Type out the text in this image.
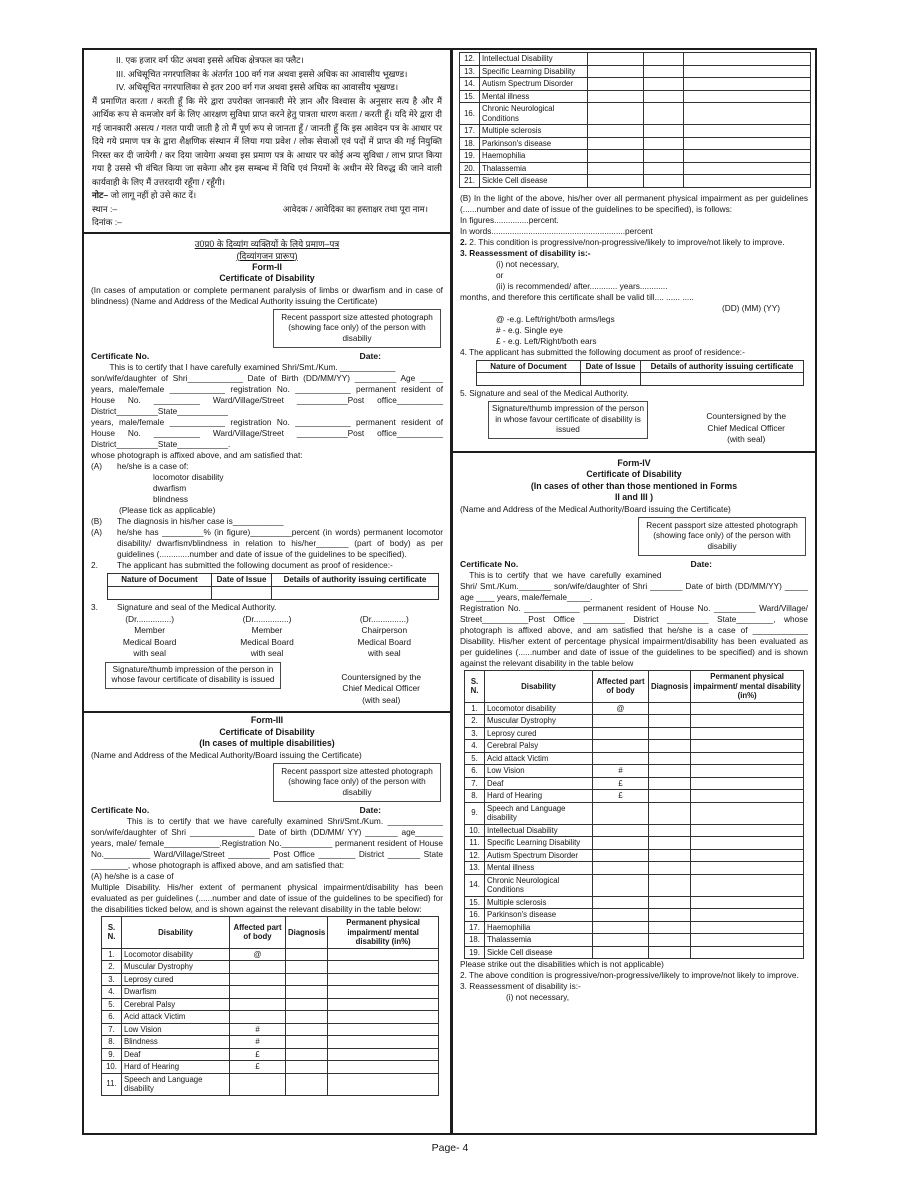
II. एक हजार वर्ग फीट अथवा इससे अधिक क्षेत्रफल का फ्लैट।
III. अधिसूचित नगरपालिका के अंतर्गत 100 वर्ग गज अथवा इससे अधिक का आवासीय भूखण्ड।
IV. अधिसूचित नगरपालिका से इतर 200 वर्ग गज अथवा इससे अधिक का आवासीय भूखण्ड।
मैं प्रमाणित करता / करती हूँ कि मेरे द्वारा उपरोक्त जानकारी मेरे ज्ञान और विश्वास के अनुसार सत्य है और मैं आर्थिक रूप से कमजोर वर्ग के लिए आरक्षण सुविधा प्राप्त करने हेतु पात्रता धारण करता / करती हूँ। यदि मेरे द्वारा दी गई जानकारी असत्य / गलत पायी जाती है तो मैं पूर्ण रूप से जानता हूँ / जानती हूँ कि इस आवेदन पत्र के आधार पर दिये गये प्रमाण पत्र के द्वारा शैक्षणिक संस्थान में लिया गया प्रवेश / लोक सेवाओं एवं पदों में प्राप्त की गई नियुक्ति निरस्त कर दी जायेगी / कर दिया जायेगा अथवा इस प्रमाण पत्र के आधार पर कोई अन्य सुविधा / लाभ प्राप्त किया गया है उससे भी वंचित किया जा सकेगा और इस सम्बन्ध में विधि एवं नियमों के अधीन मेरे विरुद्ध की जाने वाली कार्यवाही के लिए मैं उत्तरदायी रहूँगा / रहूँगी।
नोट– जो लागू नहीं हो उसे काट दें।
स्थान :–	आवेदक / आवेदिका का हस्ताक्षर तथा पूरा नाम।
दिनांक :–
उ0प्र0 के दिव्यांग व्यक्तियों के लिये प्रमाण–पत्र
(दिव्यांगजन प्रारूप)
Form-II
Certificate of Disability
(In cases of amputation or complete permanent paralysis of limbs or dwarfism and in case of blindness) (Name and Address of the Medical Authority issuing the Certificate)
Recent passport size attested photograph (showing face only) of the person with disabiliy
Certificate No.	Date:
This is to certify that I have carefully examined Shri/Smt./Kum. ____________
son/wife/daughter of Shri____________ Date of Birth (DD/MM/YY) _________ Age _____ years, male/female ____________ registration No. ____________ permanent resident of House No. __________ Ward/Village/Street ___________Post office__________ District_________State___________
years, male/female ____________ registration No. ____________ permanent resident of House No. __________ Ward/Village/Street ___________Post office__________ District_________State___________.
whose photograph is affixed above, and am satisfied that:
(A)	he/she is a case of:
locomotor disability
dwarfism
blindness
(Please tick as applicable)
(B)	The diagnosis in his/her case is___________
(A)	he/she has _________% (in figure)_________percent (in words) permanent locomotor disability/ dwarfism/blindness in relation to his/her_______ (part of body) as per guidelines (.............number and date of issue of the guidelines to be specified).
2.	The applicant has submitted the following document as proof of residence:-
Nature of Document	Date of Issue	Details of authority issuing certificate

3.	Signature and seal of the Medical Authority.
(Dr...............)
Member
Medical Board
with seal
(Dr...............)
Member
Medical Board
with seal
(Dr...............)
Chairperson
Medical Board
with seal
Signature/thumb impression of the person in whose favour certificate of disability is issued	Countersigned by the
Chief Medical Officer
(with seal)
Form-III
Certificate of Disability
(In cases of multiple disabilities)
(Name and Address of the Medical Authority/Board issuing the Certificate)
Recent passport size attested photograph (showing face only) of the person with disabiliy
Certificate No.	Date:
This is to certify that we have carefully examined Shri/Smt./Kum. ____________ son/wife/daughter of Shri ______________ Date of birth (DD/MM/ YY) _______ age______ years, male/ female____________.Registration No.___________ permanent resident of House No.__________ Ward/Village/Street _________ Post Office ________ District _______ State ________, whose photograph is affixed above, and am satisfied that:
(A) he/she is a case of
Multiple Disability. His/her extent of permanent physical impairment/disability has been evaluated as per guidelines (......number and date of issue of the guidelines to be specified) for the disabilities ticked below, and is shown against the relevant disability in the table below:
S. N.	Disability	Affected part of body	Diagnosis	Permanent physical impairment/ mental disability (in%)
1.	Locomotor disability	@		
2.	Muscular Dystrophy			
3.	Leprosy cured			
4.	Dwarfism			
5.	Cerebral Palsy			
6.	Acid attack Victim			
7.	Low Vision	#		
8.	Blindness	#		
9.	Deaf	£		
10.	Hard of Hearing	£		
11.	Speech and Language disability			
12.	Intellectual Disability			
13.	Specific Learning Disability			
14.	Autism Spectrum Disorder			
15.	Mental illness			
16.	Chronic Neurological Conditions			
17.	Multiple sclerosis			
18.	Parkinson's disease			
19.	Haemophilia			
20.	Thalassemia			
21.	Sickle Cell disease			
(B) In the light of the above, his/her over all permanent physical impairment as per guidelines (......number and date of issue of the guidelines to be specified), is follows:
In figures...............percent.
In words..........................................................percent
2. 2. This condition is progressive/non-progressive/likely to improve/not likely to improve.
3. Reassessment of disability is:-
(i) not necessary,
or
(ii) is recommended/ after............ years............
months, and therefore this certificate shall be valid till.... ...... .....
(DD) (MM) (YY)
@ -e.g. Left/right/both arms/legs
# - e.g. Single eye
£ - e.g. Left/Right/both ears
4. The applicant has submitted the following document as proof of residence:-
Nature of Document	Date of Issue	Details of authority issuing certificate

5. Signature and seal of the Medical Authority.
Signature/thumb impression of the person in whose favour certificate of disability is issued
Countersigned by the
Chief Medical Officer
(with seal)
Form-IV
Certificate of Disability
(In cases of other than those mentioned in Forms
II and III )
(Name and Address of the Medical Authority/Board issuing the Certificate)
Recent passport size attested photograph (showing face only) of the person with disabiliy
Certificate No.	Date:
This is to  certify  that  we  have  carefully  examined
Shri/ Smt./Kum._______ son/wife/daughter of Shri _______ Date of birth (DD/MM/YY) _____ age ____ years, male/female_____.
Registration No. ____________ permanent resident of House No. _________ Ward/Village/ Street__________Post Office _________ District _________ State________, whose photograph is affixed above, and am satisfied that he/she is a case of ____________ Disability. His/her extent of percentage physical impairment/disability has been evaluated as per guidelines (......number and date of issue of the guidelines to be specified) and is shown against the relevant disability in the table below
S. N.	Disability	Affected part of body	Diagnosis	Permanent physical impairment/ mental disability (in%)
1.	Locomotor disability	@		
2.	Muscular Dystrophy			
3.	Leprosy cured			
4.	Cerebral Palsy			
5.	Acid attack Victim			
6.	Low Vision	#		
7.	Deaf	£		
8.	Hard of Hearing	£		
9.	Speech and Language disability			
10.	Intellectual Disability			
11.	Specific Learning Disability			
12.	Autism Spectrum Disorder			
13.	Mental illness			
14.	Chronic Neurological Conditions			
15.	Multiple sclerosis			
16.	Parkinson's disease			
17.	Haemophilia			
18.	Thalassemia			
19.	Sickle Cell disease			
Please strike out the disabilities which is not applicable)
2. The above condition is progressive/non-progressive/likely to improve/not likely to improve.
3. Reassessment of disability is:-
(i) not necessary,
Page- 4
